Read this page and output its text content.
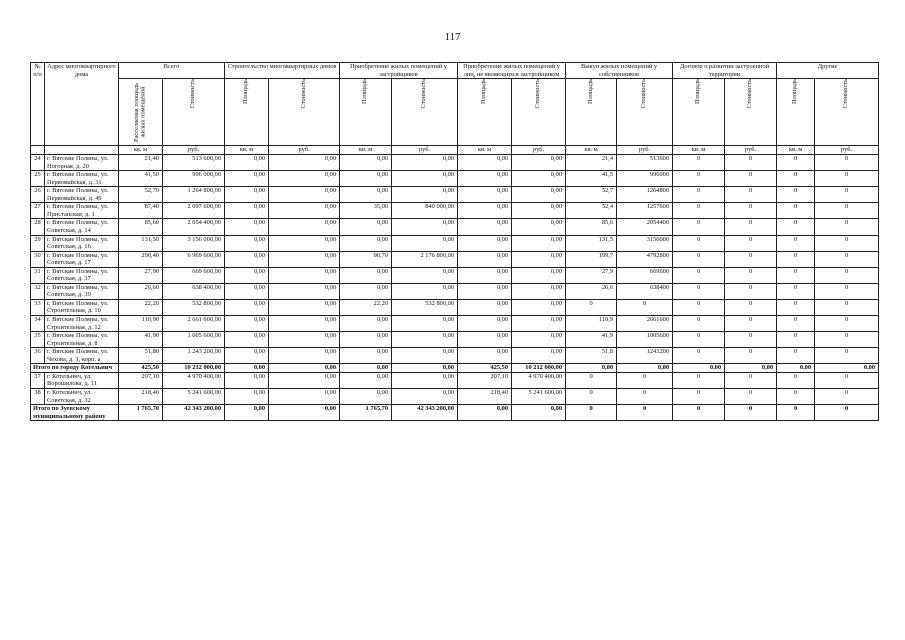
117
№ п/п	Адрес многоквартирного дома	Всего		Строительство многоквартирных домов		Приобретение жилых помещений у застройщиков		Приобретение жилых помещений у лиц, не являющихся застройщиком		Выкуп жилых помещений у собственников		Договор о развитии застроенной территории		Другие	

		Расселяемая площадь жилых помещений	Стоимость	Площадь	Стоимость	Площадь	Стоимость	Площадь	Стоимость	Площадь	Стоимость	Площадь	Стоимость	Площадь	Стоимость

		кв. м	руб.	кв. м	руб.	кв. м	руб.	кв. м	руб.	кв. м	руб.	кв. м	руб.	кв. м	руб.
24	г. Вятские Поляны, ул. Ногорная, д. 20	21,40	513 600,00	0,00	0,00	0,00	0,00	0,00	0,00	21,4	513600	0	0	0	0
25	г. Вятские Поляны, ул. Первомайская, д. 31	41,50	996 000,00	0,00	0,00	0,00	0,00	0,00	0,00	41,5	996000	0	0	0	0
26	г. Вятские Поляны, ул. Первомайская, д. 49	52,70	1 264 800,00	0,00	0,00	0,00	0,00	0,00	0,00	52,7	1264800	0	0	0	0
27	г. Вятские Поляны, ул. Пристанская, д. 1	87,40	2 097 600,00	0,00	0,00	35,00	840 000,00	0,00	0,00	52,4	1257600	0	0	0	0
28	г. Вятские Поляны, ул. Советская, д. 14	85,60	2 054 400,00	0,00	0,00	0,00	0,00	0,00	0,00	85,6	2054400	0	0	0	0
29	г. Вятские Поляны, ул. Советская, д. 16	131,50	3 156 000,00	0,00	0,00	0,00	0,00	0,00	0,00	131,5	3156000	0	0	0	0
30	г. Вятские Поляны, ул. Советская, д. 17	290,40	6 969 600,00	0,00	0,00	90,70	2 176 800,00	0,00	0,00	199,7	4792800	0	0	0	0
31	г. Вятские Поляны, ул. Советская, д. 37	27,90	669 600,00	0,00	0,00	0,00	0,00	0,00	0,00	27,9	669600	0	0	0	0
32	г. Вятские Поляны, ул. Советская, д. 39	26,60	638 400,00	0,00	0,00	0,00	0,00	0,00	0,00	26,6	638400	0	0	0	0
33	г. Вятские Поляны, ул. Строительная, д. 10	22,20	532 800,00	0,00	0,00	22,20	532 800,00	0,00	0,00	0	0	0	0	0	0
34	г. Вятские Поляны, ул. Строительная, д. 12	110,90	2 661 600,00	0,00	0,00	0,00	0,00	0,00	0,00	110,9	2661600	0	0	0	0
35	г. Вятские Поляны, ул. Строительная, д. 8	41,90	1 005 600,00	0,00	0,00	0,00	0,00	0,00	0,00	41,9	1005600	0	0	0	0
36	г. Вятские Поляны, ул. Чехова, д. 1, корп. а	51,80	1 243 200,00	0,00	0,00	0,00	0,00	0,00	0,00	51,8	1243200	0	0	0	0
Итого по городу Котельнич		425,50	10 212 000,00	0,00	0,00	0,00	0,00	425,50	10 212 000,00	0,00	0,00	0,00	0,00	0,00	0,00
37	г. Котельнич, ул. Ворошилова, д. 11	207,10	4 970 400,00	0,00	0,00	0,00	0,00	207,10	4 970 400,00	0	0	0	0	0	0
38	г. Котельнич, ул. Советская, д. 32	218,40	5 241 600,00	0,00	0,00	0,00	0,00	218,40	5 241 600,00	0	0	0	0	0	0
Итого по Зуевскому муниципальному району		1 765,70	42 343 200,00	0,00	0,00	1 765,70	42 343 200,00	0,00	0,00	0	0	0	0	0	0
